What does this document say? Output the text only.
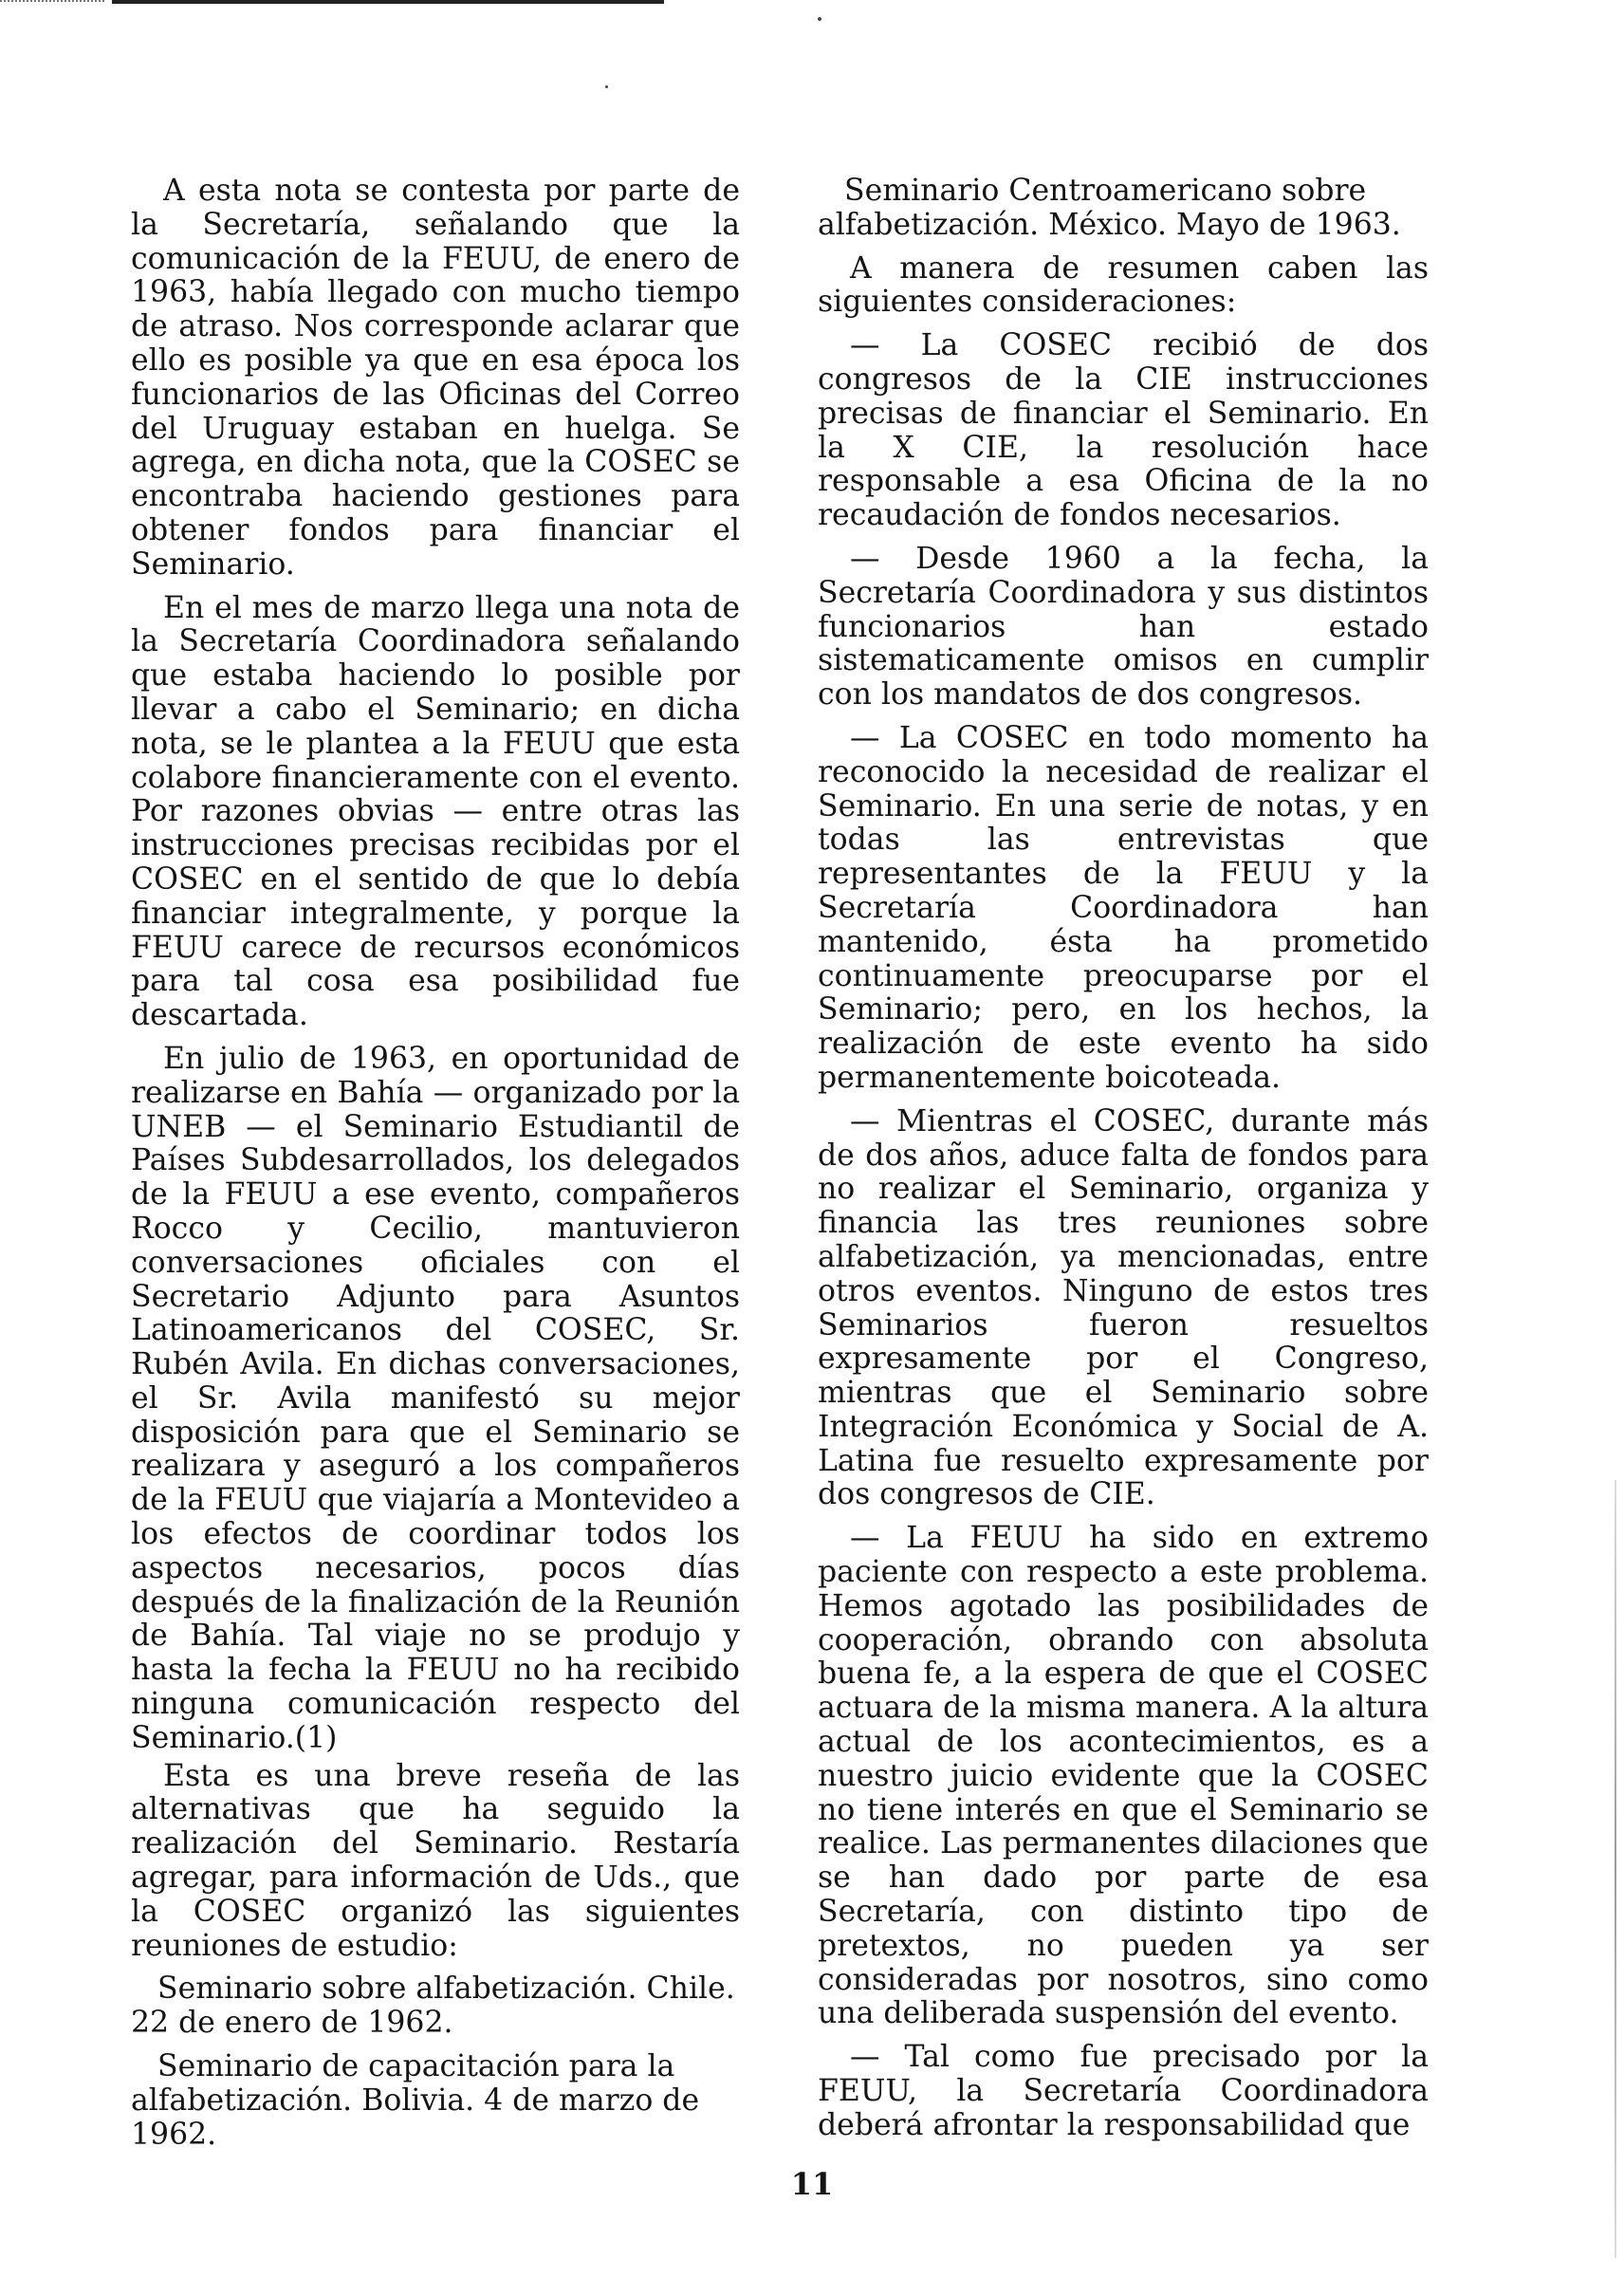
A esta nota se contesta por parte de la Secretaría, señalando que la comunicación de la FEUU, de enero de 1963, había llegado con mucho tiempo de atraso. Nos corresponde aclarar que ello es posible ya que en esa época los funcionarios de las Oficinas del Correo del Uruguay estaban en huelga. Se agrega, en dicha nota, que la COSEC se encontraba haciendo gestiones para obtener fondos para financiar el Seminario.

En el mes de marzo llega una nota de la Secretaría Coordinadora señalando que estaba haciendo lo posible por llevar a cabo el Seminario; en dicha nota, se le plantea a la FEUU que esta colabore financieramente con el evento. Por razones obvias — entre otras las instrucciones precisas recibidas por el COSEC en el sentido de que lo debía financiar integralmente, y porque la FEUU carece de recursos económicos para tal cosa esa posibilidad fue descartada.

En julio de 1963, en oportunidad de realizarse en Bahía — organizado por la UNEB — el Seminario Estudiantil de Países Subdesarrollados, los delegados de la FEUU a ese evento, compañeros Rocco y Cecilio, mantuvieron conversaciones oficiales con el Secretario Adjunto para Asuntos Latinoamericanos del COSEC, Sr. Rubén Avila. En dichas conversaciones, el Sr. Avila manifestó su mejor disposición para que el Seminario se realizara y aseguró a los compañeros de la FEUU que viajaría a Montevideo a los efectos de coordinar todos los aspectos necesarios, pocos días después de la finalización de la Reunión de Bahía. Tal viaje no se produjo y hasta la fecha la FEUU no ha recibido ninguna comunicación respecto del Seminario.(1)

Esta es una breve reseña de las alternativas que ha seguido la realización del Seminario. Restaría agregar, para información de Uds., que la COSEC organizó las siguientes reuniones de estudio:

Seminario sobre alfabetización. Chile. 22 de enero de 1962.

Seminario de capacitación para la alfabetización. Bolivia. 4 de marzo de 1962.

Seminario Centroamericano sobre alfabetización. México. Mayo de 1963.

A manera de resumen caben las siguientes consideraciones:

— La COSEC recibió de dos congresos de la CIE instrucciones precisas de financiar el Seminario. En la X CIE, la resolución hace responsable a esa Oficina de la no recaudación de fondos necesarios.

— Desde 1960 a la fecha, la Secretaría Coordinadora y sus distintos funcionarios han estado sistematicamente omisos en cumplir con los mandatos de dos congresos.

— La COSEC en todo momento ha reconocido la necesidad de realizar el Seminario. En una serie de notas, y en todas las entrevistas que representantes de la FEUU y la Secretaría Coordinadora han mantenido, ésta ha prometido continuamente preocuparse por el Seminario; pero, en los hechos, la realización de este evento ha sido permanentemente boicoteada.

— Mientras el COSEC, durante más de dos años, aduce falta de fondos para no realizar el Seminario, organiza y financia las tres reuniones sobre alfabetización, ya mencionadas, entre otros eventos. Ninguno de estos tres Seminarios fueron resueltos expresamente por el Congreso, mientras que el Seminario sobre Integración Económica y Social de A. Latina fue resuelto expresamente por dos congresos de CIE.

— La FEUU ha sido en extremo paciente con respecto a este problema. Hemos agotado las posibilidades de cooperación, obrando con absoluta buena fe, a la espera de que el COSEC actuara de la misma manera. A la altura actual de los acontecimientos, es a nuestro juicio evidente que la COSEC no tiene interés en que el Seminario se realice. Las permanentes dilaciones que se han dado por parte de esa Secretaría, con distinto tipo de pretextos, no pueden ya ser consideradas por nosotros, sino como una deliberada suspensión del evento.

— Tal como fue precisado por la FEUU, la Secretaría Coordinadora deberá afrontar la responsabilidad que

11
